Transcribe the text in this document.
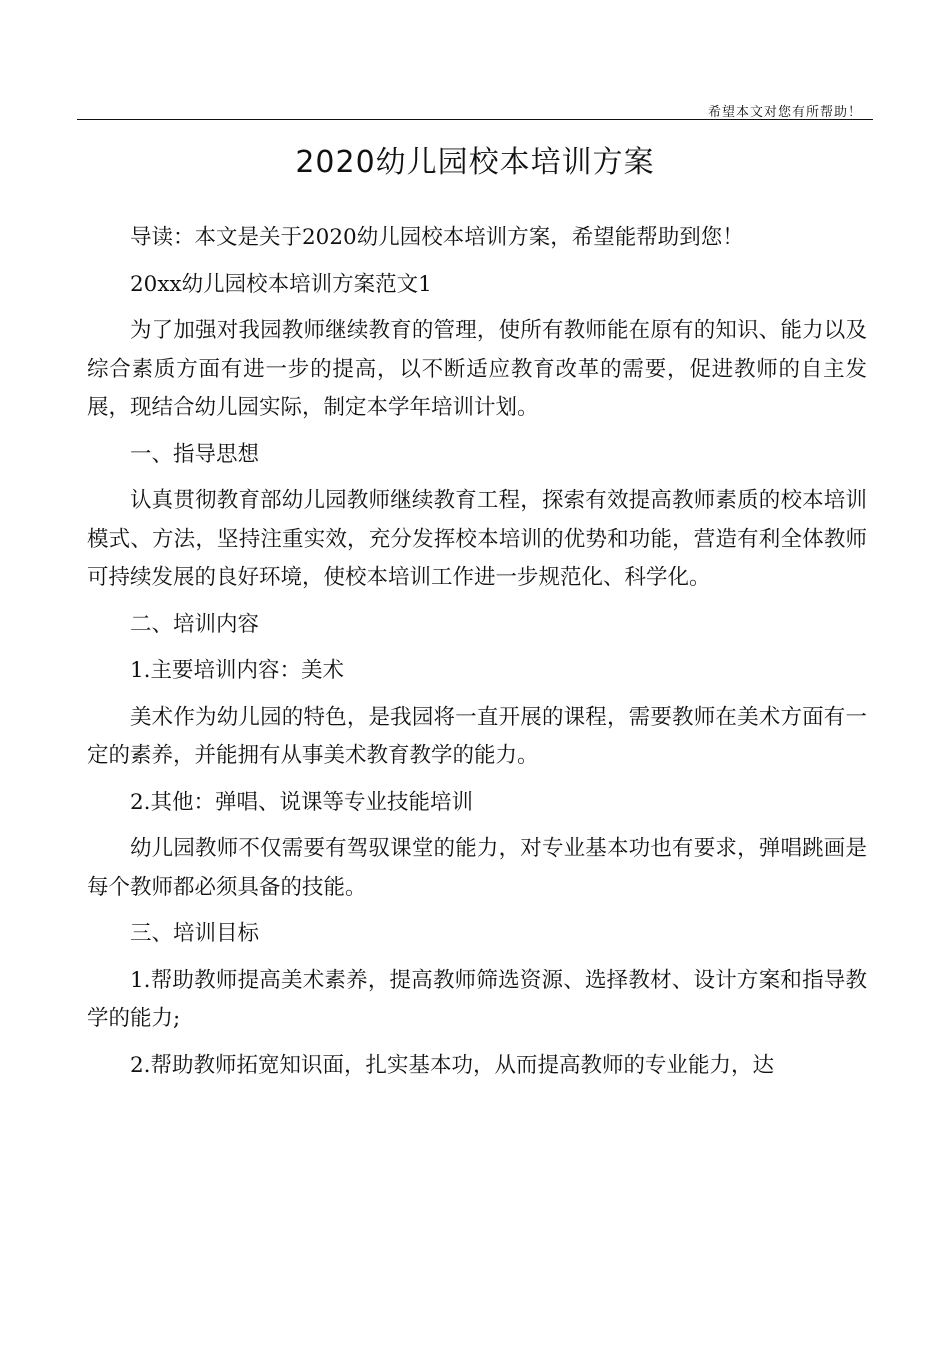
希望本文对您有所帮助！
2020幼儿园校本培训方案

导读：本文是关于2020幼儿园校本培训方案，希望能帮助到您！

20xx幼儿园校本培训方案范文1

为了加强对我园教师继续教育的管理，使所有教师能在原有的知识、能力以及综合素质方面有进一步的提高，以不断适应教育改革的需要，促进教师的自主发展，现结合幼儿园实际，制定本学年培训计划。

一、指导思想

认真贯彻教育部幼儿园教师继续教育工程，探索有效提高教师素质的校本培训模式、方法，坚持注重实效，充分发挥校本培训的优势和功能，营造有利全体教师可持续发展的良好环境，使校本培训工作进一步规范化、科学化。

二、培训内容

1.主要培训内容：美术

美术作为幼儿园的特色，是我园将一直开展的课程，需要教师在美术方面有一定的素养，并能拥有从事美术教育教学的能力。

2.其他：弹唱、说课等专业技能培训

幼儿园教师不仅需要有驾驭课堂的能力，对专业基本功也有要求，弹唱跳画是每个教师都必须具备的技能。

三、培训目标

1.帮助教师提高美术素养，提高教师筛选资源、选择教材、设计方案和指导教学的能力;

2.帮助教师拓宽知识面，扎实基本功，从而提高教师的专业能力，达
